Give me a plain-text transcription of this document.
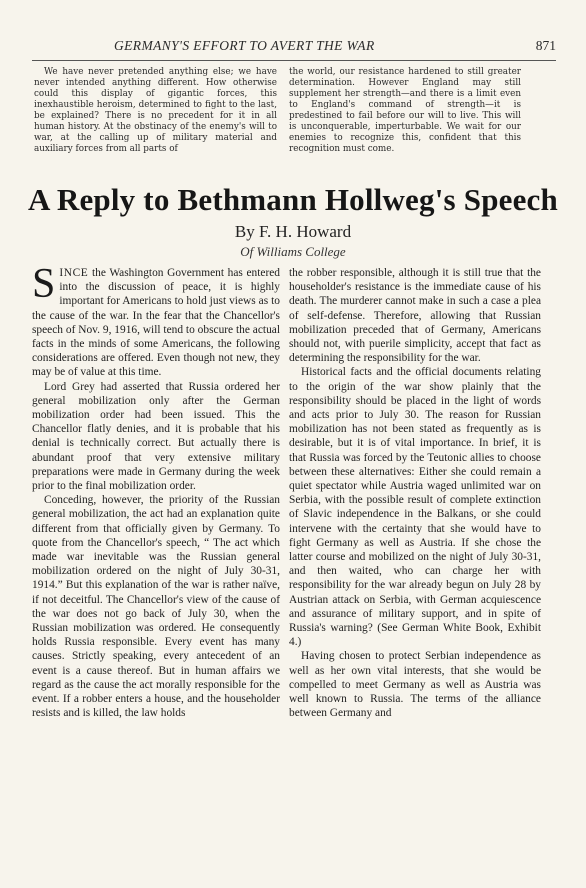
GERMANY'S EFFORT TO AVERT THE WAR	871

We have never pretended anything else; we have never intended anything different. How otherwise could this display of gigantic forces, this inexhaustible heroism, determined to fight to the last, be explained? There is no precedent for it in all human history. At the obstinacy of the enemy's will to war, at the calling up of military material and auxiliary forces from all parts of

the world, our resistance hardened to still greater determination. However England may still supplement her strength—and there is a limit even to England's command of strength—it is predestined to fail before our will to live. This will is unconquerable, imperturbable. We wait for our enemies to recognize this, confident that this recognition must come.

A Reply to Bethmann Hollweg's Speech
By F. H. Howard
Of Williams College

SINCE the Washington Government has entered into the discussion of peace, it is highly important for Americans to hold just views as to the cause of the war. In the fear that the Chancellor's speech of Nov. 9, 1916, will tend to obscure the actual facts in the minds of some Americans, the following considerations are offered. Even though not new, they may be of value at this time.

Lord Grey had asserted that Russia ordered her general mobilization only after the German mobilization order had been issued. This the Chancellor flatly denies, and it is probable that his denial is technically correct. But actually there is abundant proof that very extensive military preparations were made in Germany during the week prior to the final mobilization order.

Conceding, however, the priority of the Russian general mobilization, the act had an explanation quite different from that officially given by Germany. To quote from the Chancellor's speech, “ The act which made war inevitable was the Russian general mobilization ordered on the night of July 30-31, 1914.” But this explanation of the war is rather naïve, if not deceitful. The Chancellor's view of the cause of the war does not go back of July 30, when the Russian mobilization was ordered. He consequently holds Russia responsible. Every event has many causes. Strictly speaking, every antecedent of an event is a cause thereof. But in human affairs we regard as the cause the act morally responsible for the event. If a robber enters a house, and the householder resists and is killed, the law holds

the robber responsible, although it is still true that the householder's resistance is the immediate cause of his death. The murderer cannot make in such a case a plea of self-defense. Therefore, allowing that Russian mobilization preceded that of Germany, Americans should not, with puerile simplicity, accept that fact as determining the responsibility for the war.

Historical facts and the official documents relating to the origin of the war show plainly that the responsibility should be placed in the light of words and acts prior to July 30. The reason for Russian mobilization has not been stated as frequently as is desirable, but it is of vital importance. In brief, it is that Russia was forced by the Teutonic allies to choose between these alternatives: Either she could remain a quiet spectator while Austria waged unlimited war on Serbia, with the possible result of complete extinction of Slavic independence in the Balkans, or she could intervene with the certainty that she would have to fight Germany as well as Austria. If she chose the latter course and mobilized on the night of July 30-31, and then waited, who can charge her with responsibility for the war already begun on July 28 by Austrian attack on Serbia, with German acquiescence and assurance of military support, and in spite of Russia's warning? (See German White Book, Exhibit 4.)

Having chosen to protect Serbian independence as well as her own vital interests, that she would be compelled to meet Germany as well as Austria was well known to Russia. The terms of the alliance between Germany and
